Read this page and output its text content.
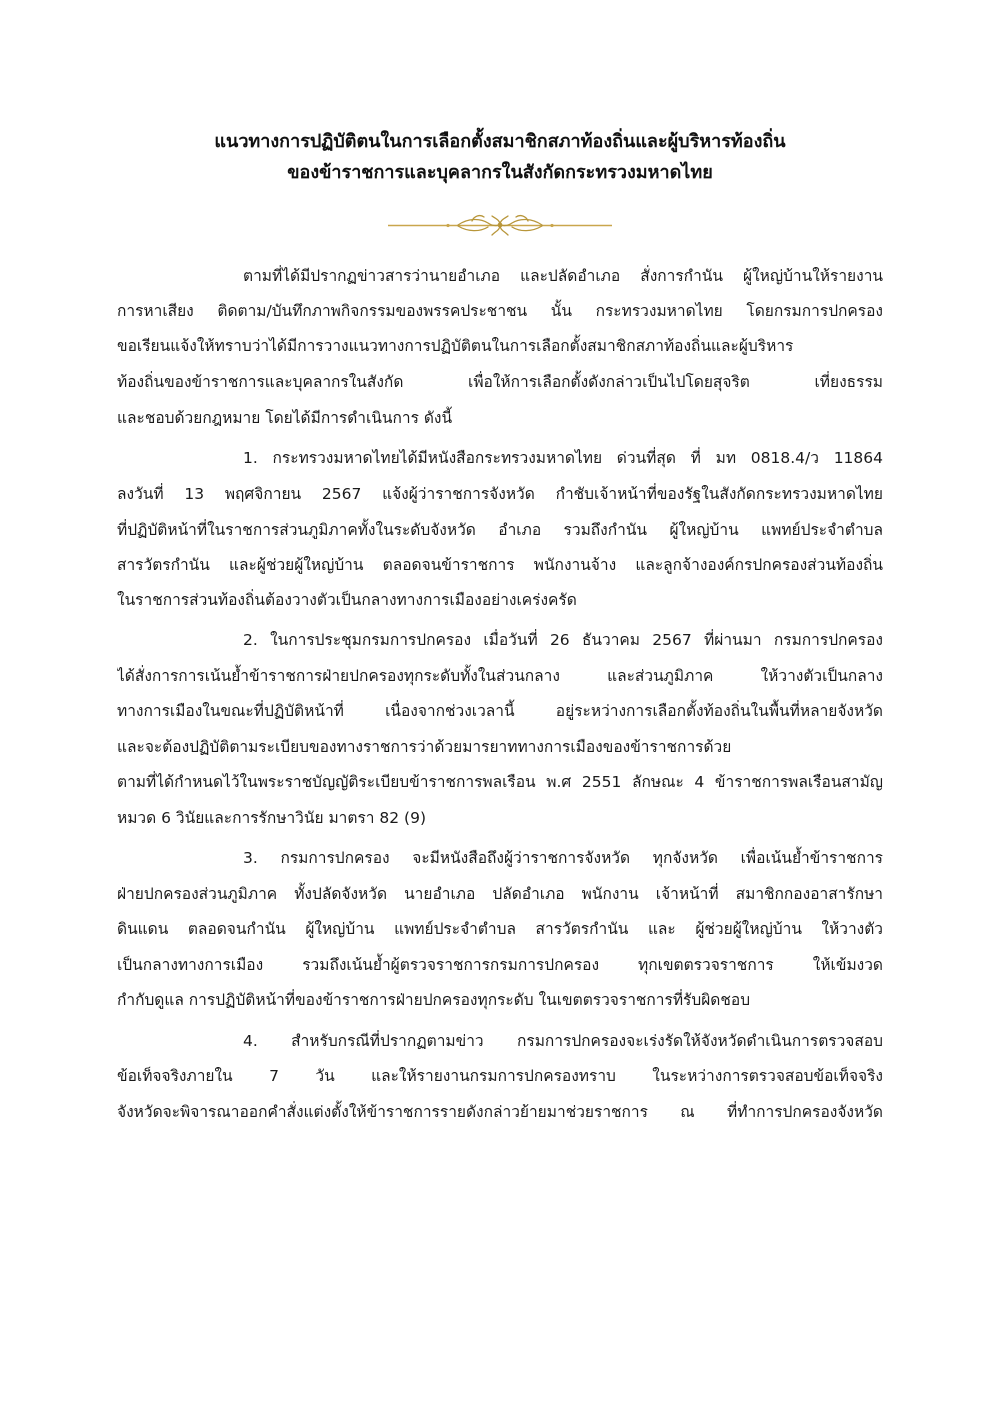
แนวทางการปฏิบัติตนในการเลือกตั้งสมาชิกสภาท้องถิ่นและผู้บริหารท้องถิ่น
ของข้าราชการและบุคลากรในสังกัดกระทรวงมหาดไทย
ตามที่ได้มีปรากฏข่าวสารว่านายอำเภอ และปลัดอำเภอ สั่งการกำนัน ผู้ใหญ่บ้านให้รายงาน
การหาเสียง ติดตาม/บันทึกภาพกิจกรรมของพรรคประชาชน นั้น กระทรวงมหาดไทย โดยกรมการปกครอง
ขอเรียนแจ้งให้ทราบว่าได้มีการวางแนวทางการปฏิบัติตนในการเลือกตั้งสมาชิกสภาท้องถิ่นและผู้บริหาร
ท้องถิ่นของข้าราชการและบุคลากรในสังกัด เพื่อให้การเลือกตั้งดังกล่าวเป็นไปโดยสุจริต เที่ยงธรรม
และชอบด้วยกฎหมาย โดยได้มีการดำเนินการ ดังนี้
1. กระทรวงมหาดไทยได้มีหนังสือกระทรวงมหาดไทย ด่วนที่สุด ที่ มท 0818.4/ว 11864
ลงวันที่ 13 พฤศจิกายน 2567 แจ้งผู้ว่าราชการจังหวัด กำชับเจ้าหน้าที่ของรัฐในสังกัดกระทรวงมหาดไทย
ที่ปฏิบัติหน้าที่ในราชการส่วนภูมิภาคทั้งในระดับจังหวัด อำเภอ รวมถึงกำนัน ผู้ใหญ่บ้าน แพทย์ประจำตำบล
สารวัตรกำนัน และผู้ช่วยผู้ใหญ่บ้าน ตลอดจนข้าราชการ พนักงานจ้าง และลูกจ้างองค์กรปกครองส่วนท้องถิ่น
ในราชการส่วนท้องถิ่นต้องวางตัวเป็นกลางทางการเมืองอย่างเคร่งครัด
2. ในการประชุมกรมการปกครอง เมื่อวันที่ 26 ธันวาคม 2567 ที่ผ่านมา กรมการปกครอง
ได้สั่งการการเน้นย้ำข้าราชการฝ่ายปกครองทุกระดับทั้งในส่วนกลาง และส่วนภูมิภาค ให้วางตัวเป็นกลาง
ทางการเมืองในขณะที่ปฏิบัติหน้าที่ เนื่องจากช่วงเวลานี้ อยู่ระหว่างการเลือกตั้งท้องถิ่นในพื้นที่หลายจังหวัด
และจะต้องปฏิบัติตามระเบียบของทางราชการว่าด้วยมารยาททางการเมืองของข้าราชการด้วย
ตามที่ได้กำหนดไว้ในพระราชบัญญัติระเบียบข้าราชการพลเรือน พ.ศ 2551 ลักษณะ 4 ข้าราชการพลเรือนสามัญ
หมวด 6 วินัยและการรักษาวินัย มาตรา 82 (9)
3. กรมการปกครอง จะมีหนังสือถึงผู้ว่าราชการจังหวัด ทุกจังหวัด เพื่อเน้นย้ำข้าราชการ
ฝ่ายปกครองส่วนภูมิภาค ทั้งปลัดจังหวัด นายอำเภอ ปลัดอำเภอ พนักงาน เจ้าหน้าที่ สมาชิกกองอาสารักษา
ดินแดน ตลอดจนกำนัน ผู้ใหญ่บ้าน แพทย์ประจำตำบล สารวัตรกำนัน และ ผู้ช่วยผู้ใหญ่บ้าน ให้วางตัว
เป็นกลางทางการเมือง รวมถึงเน้นย้ำผู้ตรวจราชการกรมการปกครอง ทุกเขตตรวจราชการ ให้เข้มงวด
กำกับดูแล การปฏิบัติหน้าที่ของข้าราชการฝ่ายปกครองทุกระดับ ในเขตตรวจราชการที่รับผิดชอบ
4. สำหรับกรณีที่ปรากฏตามข่าว กรมการปกครองจะเร่งรัดให้จังหวัดดำเนินการตรวจสอบ
ข้อเท็จจริงภายใน 7 วัน และให้รายงานกรมการปกครองทราบ ในระหว่างการตรวจสอบข้อเท็จจริง
จังหวัดจะพิจารณาออกคำสั่งแต่งตั้งให้ข้าราชการรายดังกล่าวย้ายมาช่วยราชการ ณ ที่ทำการปกครองจังหวัด
